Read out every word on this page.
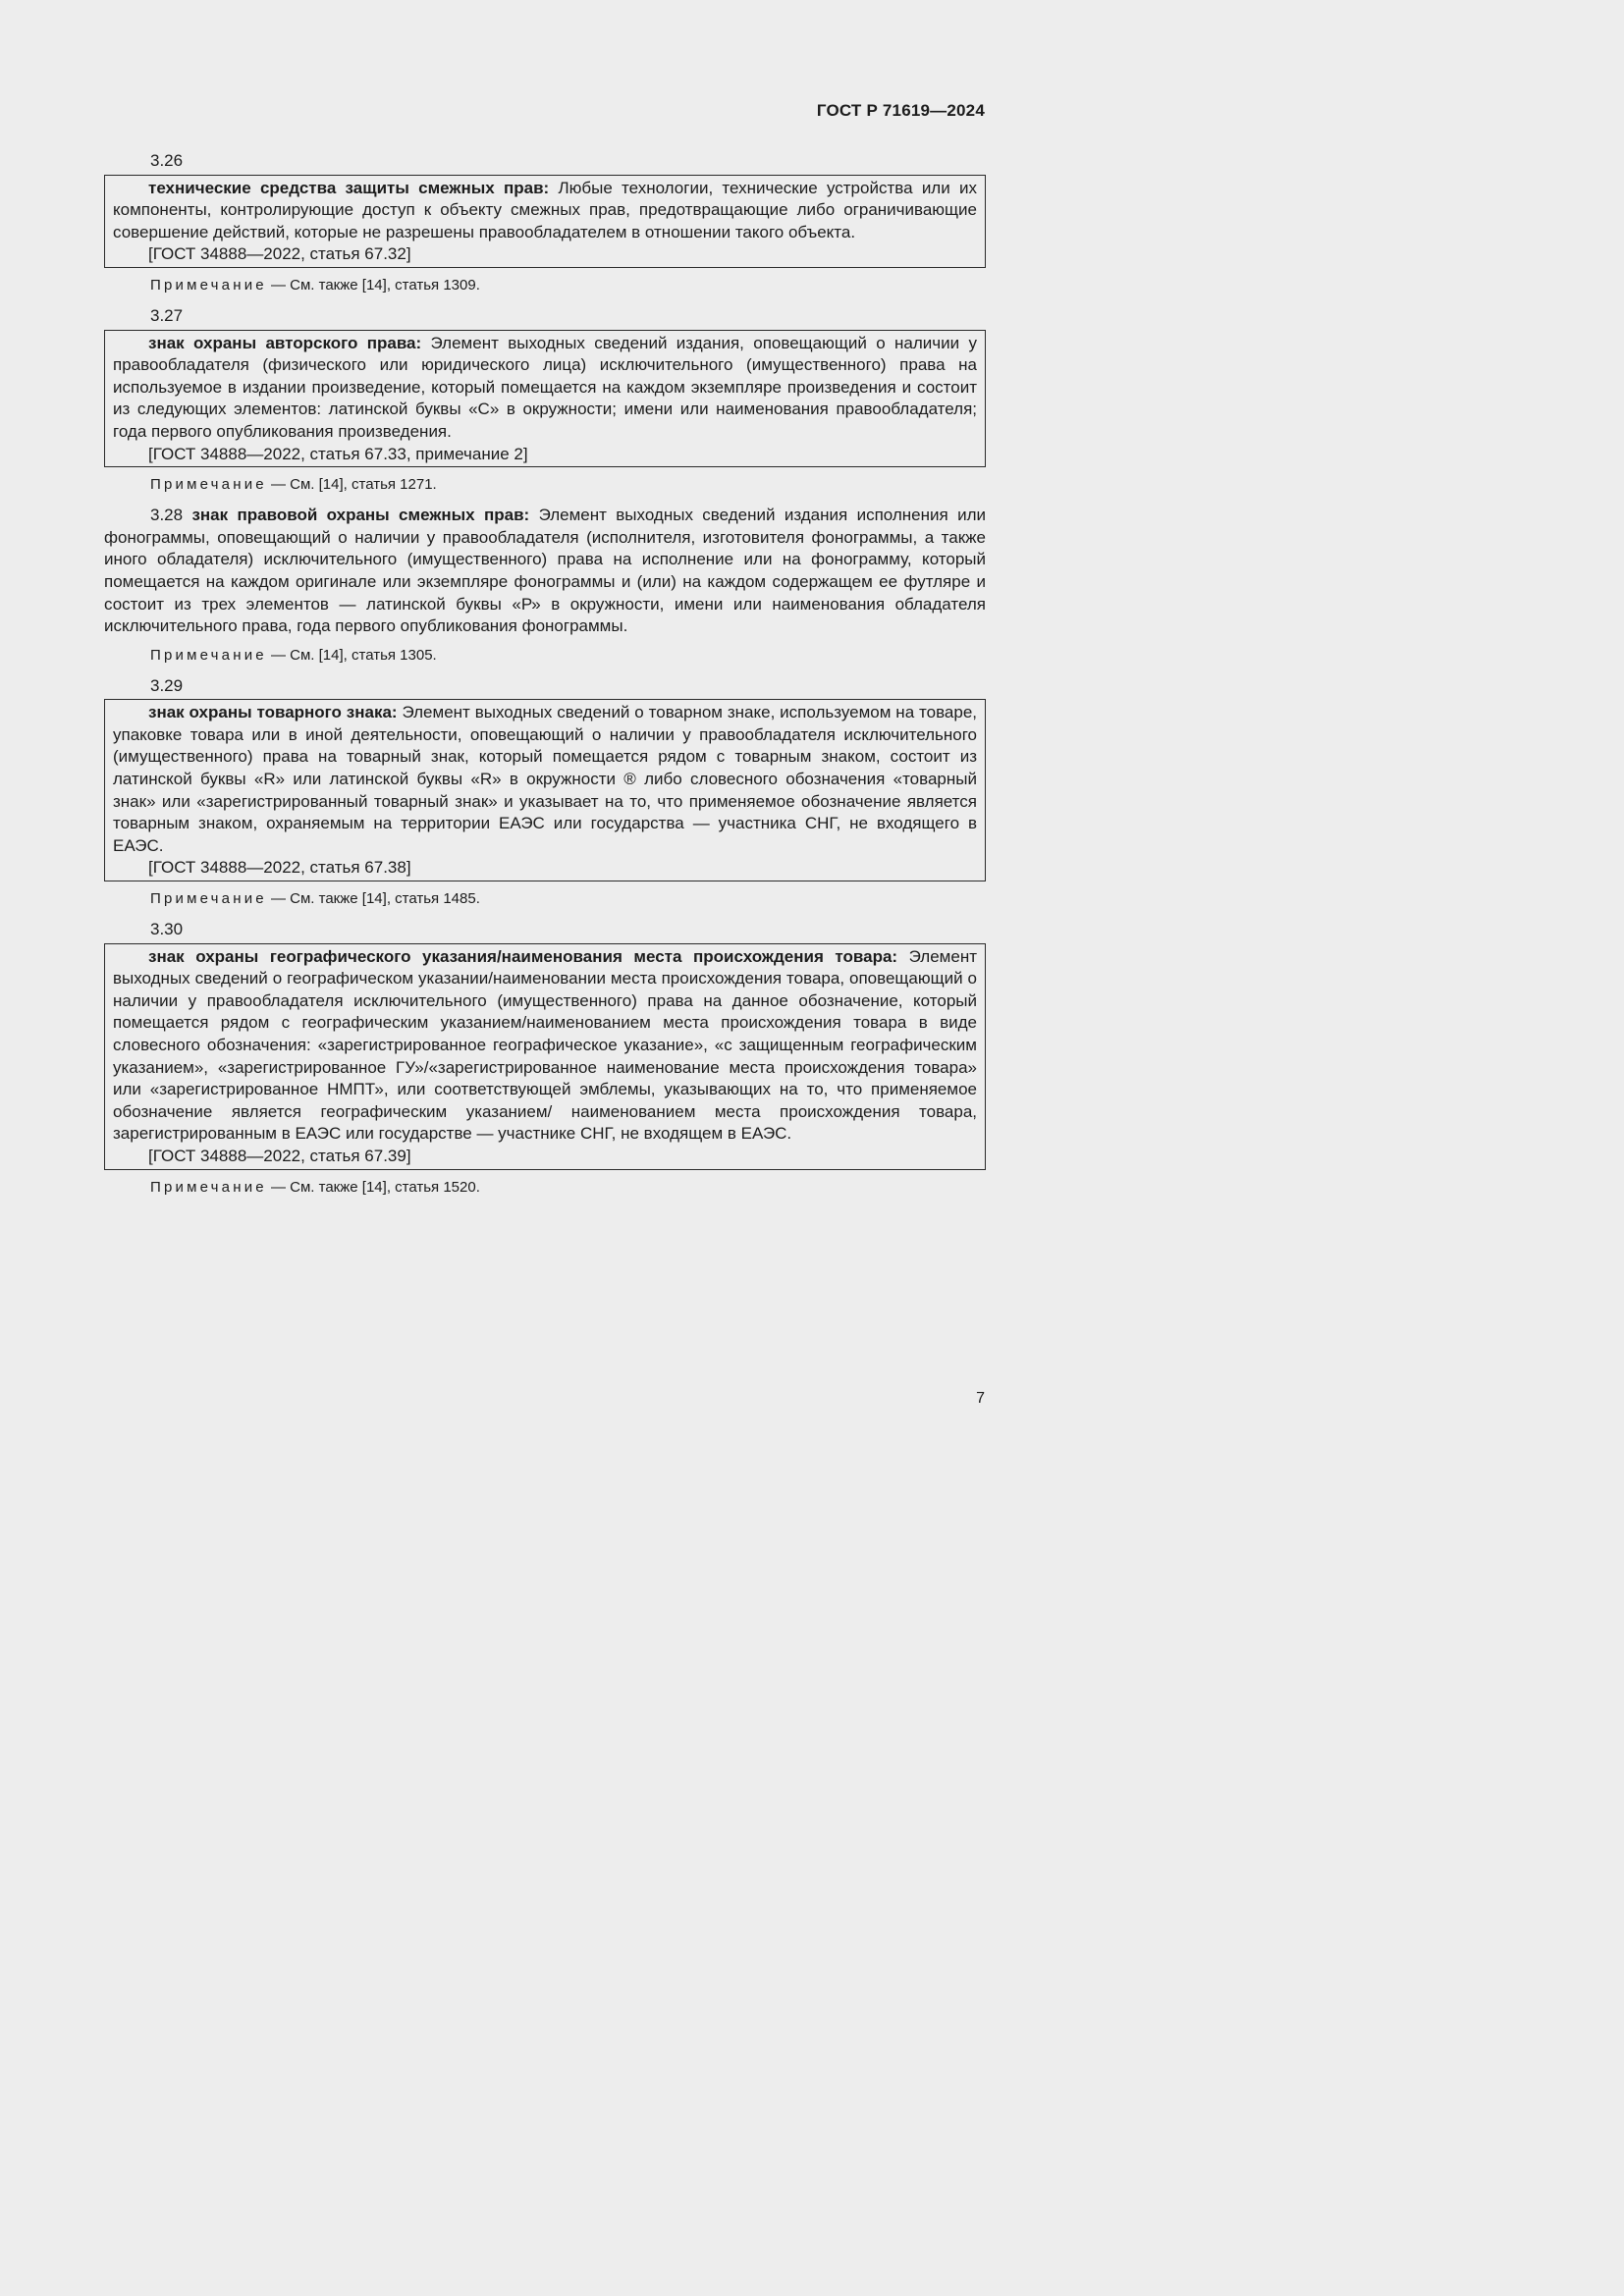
ГОСТ Р 71619—2024

3.26

технические средства защиты смежных прав: Любые технологии, технические устройства или их компоненты, контролирующие доступ к объекту смежных прав, предотвращающие либо ограничивающие совершение действий, которые не разрешены правообладателем в отношении такого объекта.

[ГОСТ 34888—2022, статья 67.32]

Примечание — См. также [14], статья 1309.

3.27

знак охраны авторского права: Элемент выходных сведений издания, оповещающий о наличии у правообладателя (физического или юридического лица) исключительного (имущественного) права на используемое в издании произведение, который помещается на каждом экземпляре произведения и состоит из следующих элементов: латинской буквы «С» в окружности; имени или наименования правообладателя; года первого опубликования произведения.

[ГОСТ 34888—2022, статья 67.33, примечание 2]

Примечание — См. [14], статья 1271.

3.28 знак правовой охраны смежных прав: Элемент выходных сведений издания исполнения или фонограммы, оповещающий о наличии у правообладателя (исполнителя, изготовителя фонограммы, а также иного обладателя) исключительного (имущественного) права на исполнение или на фонограмму, который помещается на каждом оригинале или экземпляре фонограммы и (или) на каждом содержащем ее футляре и состоит из трех элементов — латинской буквы «Р» в окружности, имени или наименования обладателя исключительного права, года первого опубликования фонограммы.

Примечание — См. [14], статья 1305.

3.29

знак охраны товарного знака: Элемент выходных сведений о товарном знаке, используемом на товаре, упаковке товара или в иной деятельности, оповещающий о наличии у правообладателя исключительного (имущественного) права на товарный знак, который помещается рядом с товарным знаком, состоит из латинской буквы «R» или латинской буквы «R» в окружности ® либо словесного обозначения «товарный знак» или «зарегистрированный товарный знак» и указывает на то, что применяемое обозначение является товарным знаком, охраняемым на территории ЕАЭС или государства — участника СНГ, не входящего в ЕАЭС.

[ГОСТ 34888—2022, статья 67.38]

Примечание — См. также [14], статья 1485.

3.30

знак охраны географического указания/наименования места происхождения товара: Элемент выходных сведений о географическом указании/наименовании места происхождения товара, оповещающий о наличии у правообладателя исключительного (имущественного) права на данное обозначение, который помещается рядом с географическим указанием/наименованием места происхождения товара в виде словесного обозначения: «зарегистрированное географическое указание», «с защищенным географическим указанием», «зарегистрированное ГУ»/«зарегистрированное наименование места происхождения товара» или «зарегистрированное НМПТ», или соответствующей эмблемы, указывающих на то, что применяемое обозначение является географическим указанием/ наименованием места происхождения товара, зарегистрированным в ЕАЭС или государстве — участнике СНГ, не входящем в ЕАЭС.

[ГОСТ 34888—2022, статья 67.39]

Примечание — См. также [14], статья 1520.

7
